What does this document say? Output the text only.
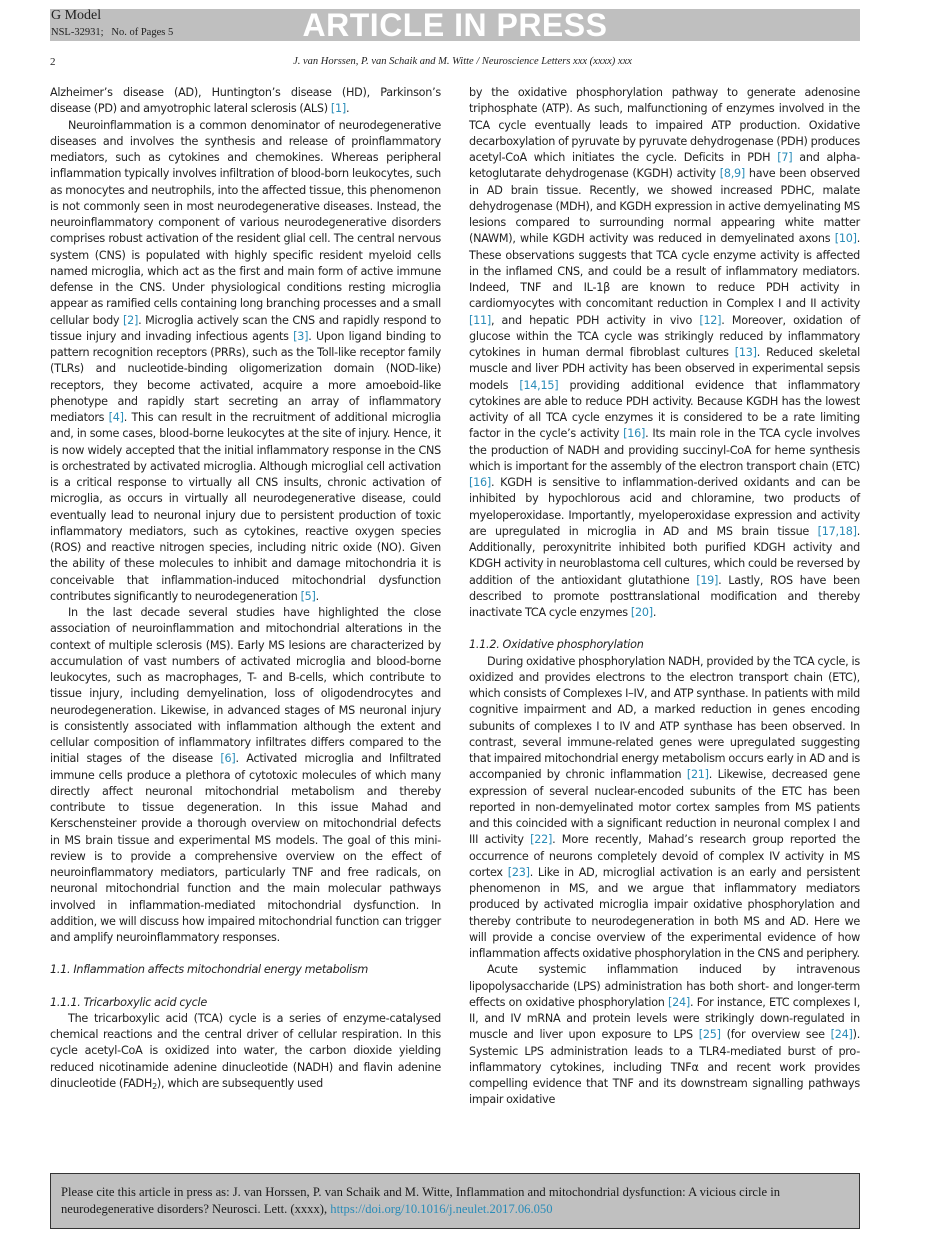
G Model
NSL-32931;   No. of Pages 5	ARTICLE IN PRESS
2	J. van Horssen, P. van Schaik and M. Witte / Neuroscience Letters xxx (xxxx) xxx

Alzheimer’s disease (AD), Huntington’s disease (HD), Parkinson’s disease (PD) and amyotrophic lateral sclerosis (ALS) [1].

Neuroinflammation is a common denominator of neurodegenerative diseases and involves the synthesis and release of proinflammatory mediators, such as cytokines and chemokines. Whereas peripheral inflammation typically involves infiltration of blood-born leukocytes, such as monocytes and neutrophils, into the affected tissue, this phenomenon is not commonly seen in most neurodegenerative diseases. Instead, the neuroinflammatory component of various neurodegenerative disorders comprises robust activation of the resident glial cell. The central nervous system (CNS) is populated with highly specific resident myeloid cells named microglia, which act as the first and main form of active immune defense in the CNS. Under physiological conditions resting microglia appear as ramified cells containing long branching processes and a small cellular body [2]. Microglia actively scan the CNS and rapidly respond to tissue injury and invading infectious agents [3]. Upon ligand binding to pattern recognition receptors (PRRs), such as the Toll-like receptor family (TLRs) and nucleotide-binding oligomerization domain (NOD-like) receptors, they become activated, acquire a more amoeboid-like phenotype and rapidly start secreting an array of inflammatory mediators [4]. This can result in the recruitment of additional microglia and, in some cases, blood-borne leukocytes at the site of injury. Hence, it is now widely accepted that the initial inflammatory response in the CNS is orchestrated by activated microglia. Although microglial cell activation is a critical response to virtually all CNS insults, chronic activation of microglia, as occurs in virtually all neurodegenerative disease, could eventually lead to neuronal injury due to persistent production of toxic inflammatory mediators, such as cytokines, reactive oxygen species (ROS) and reactive nitrogen species, including nitric oxide (NO). Given the ability of these molecules to inhibit and damage mitochondria it is conceivable that inflammation-induced mitochondrial dysfunction contributes significantly to neurodegeneration [5].

In the last decade several studies have highlighted the close association of neuroinflammation and mitochondrial alterations in the context of multiple sclerosis (MS). Early MS lesions are characterized by accumulation of vast numbers of activated microglia and blood-borne leukocytes, such as macrophages, T- and B-cells, which contribute to tissue injury, including demyelination, loss of oligodendrocytes and neurodegeneration. Likewise, in advanced stages of MS neuronal injury is consistently associated with inflammation although the extent and cellular composition of inflammatory infiltrates differs compared to the initial stages of the disease [6]. Activated microglia and Infiltrated immune cells produce a plethora of cytotoxic molecules of which many directly affect neuronal mitochondrial metabolism and thereby contribute to tissue degeneration. In this issue Mahad and Kerschensteiner provide a thorough overview on mitochondrial defects in MS brain tissue and experimental MS models. The goal of this mini-review is to provide a comprehensive overview on the effect of neuroinflammatory mediators, particularly TNF and free radicals, on neuronal mitochondrial function and the main molecular pathways involved in inflammation-mediated mitochondrial dysfunction. In addition, we will discuss how impaired mitochondrial function can trigger and amplify neuroinflammatory responses.

1.1. Inflammation affects mitochondrial energy metabolism

1.1.1. Tricarboxylic acid cycle

The tricarboxylic acid (TCA) cycle is a series of enzyme-catalysed chemical reactions and the central driver of cellular respiration. In this cycle acetyl-CoA is oxidized into water, the carbon dioxide yielding reduced nicotinamide adenine dinucleotide (NADH) and flavin adenine dinucleotide $(FADH_2)$, which are subsequently used

by the oxidative phosphorylation pathway to generate adenosine triphosphate (ATP). As such, malfunctioning of enzymes involved in the TCA cycle eventually leads to impaired ATP production. Oxidative decarboxylation of pyruvate by pyruvate dehydrogenase (PDH) produces acetyl-CoA which initiates the cycle. Deficits in PDH [7] and alpha-ketoglutarate dehydrogenase (KGDH) activity [8,9] have been observed in AD brain tissue. Recently, we showed increased PDHC, malate dehydrogenase (MDH), and KGDH expression in active demyelinating MS lesions compared to surrounding normal appearing white matter (NAWM), while KGDH activity was reduced in demyelinated axons [10]. These observations suggests that TCA cycle enzyme activity is affected in the inflamed CNS, and could be a result of inflammatory mediators. Indeed, TNF and IL-1β are known to reduce PDH activity in cardiomyocytes with concomitant reduction in Complex I and II activity [11], and hepatic PDH activity in vivo [12]. Moreover, oxidation of glucose within the TCA cycle was strikingly reduced by inflammatory cytokines in human dermal fibroblast cultures [13]. Reduced skeletal muscle and liver PDH activity has been observed in experimental sepsis models [14,15] providing additional evidence that inflammatory cytokines are able to reduce PDH activity. Because KGDH has the lowest activity of all TCA cycle enzymes it is considered to be a rate limiting factor in the cycle’s activity [16]. Its main role in the TCA cycle involves the production of NADH and providing succinyl-CoA for heme synthesis which is important for the assembly of the electron transport chain (ETC) [16]. KGDH is sensitive to inflammation-derived oxidants and can be inhibited by hypochlorous acid and chloramine, two products of myeloperoxidase. Importantly, myeloperoxidase expression and activity are upregulated in microglia in AD and MS brain tissue [17,18]. Additionally, peroxynitrite inhibited both purified KDGH activity and KDGH activity in neuroblastoma cell cultures, which could be reversed by addition of the antioxidant glutathione [19]. Lastly, ROS have been described to promote posttranslational modification and thereby inactivate TCA cycle enzymes [20].

1.1.2. Oxidative phosphorylation

During oxidative phosphorylation NADH, provided by the TCA cycle, is oxidized and provides electrons to the electron transport chain (ETC), which consists of Complexes I–IV, and ATP synthase. In patients with mild cognitive impairment and AD, a marked reduction in genes encoding subunits of complexes I to IV and ATP synthase has been observed. In contrast, several immune-related genes were upregulated suggesting that impaired mitochondrial energy metabolism occurs early in AD and is accompanied by chronic inflammation [21]. Likewise, decreased gene expression of several nuclear-encoded subunits of the ETC has been reported in non-demyelinated motor cortex samples from MS patients and this coincided with a significant reduction in neuronal complex I and III activity [22]. More recently, Mahad’s research group reported the occurrence of neurons completely devoid of complex IV activity in MS cortex [23]. Like in AD, microglial activation is an early and persistent phenomenon in MS, and we argue that inflammatory mediators produced by activated microglia impair oxidative phosphorylation and thereby contribute to neurodegeneration in both MS and AD. Here we will provide a concise overview of the experimental evidence of how inflammation affects oxidative phosphorylation in the CNS and periphery.

Acute systemic inflammation induced by intravenous lipopolysaccharide (LPS) administration has both short- and longer-term effects on oxidative phosphorylation [24]. For instance, ETC complexes I, II, and IV mRNA and protein levels were strikingly down-regulated in muscle and liver upon exposure to LPS [25] (for overview see [24]). Systemic LPS administration leads to a TLR4-mediated burst of pro-inflammatory cytokines, including TNFα and recent work provides compelling evidence that TNF and its downstream signalling pathways impair oxidative

Please cite this article in press as: J. van Horssen, P. van Schaik and M. Witte, Inflammation and mitochondrial dysfunction: A vicious circle in neurodegenerative disorders? Neurosci. Lett. (xxxx), https://doi.org/10.1016/j.neulet.2017.06.050
